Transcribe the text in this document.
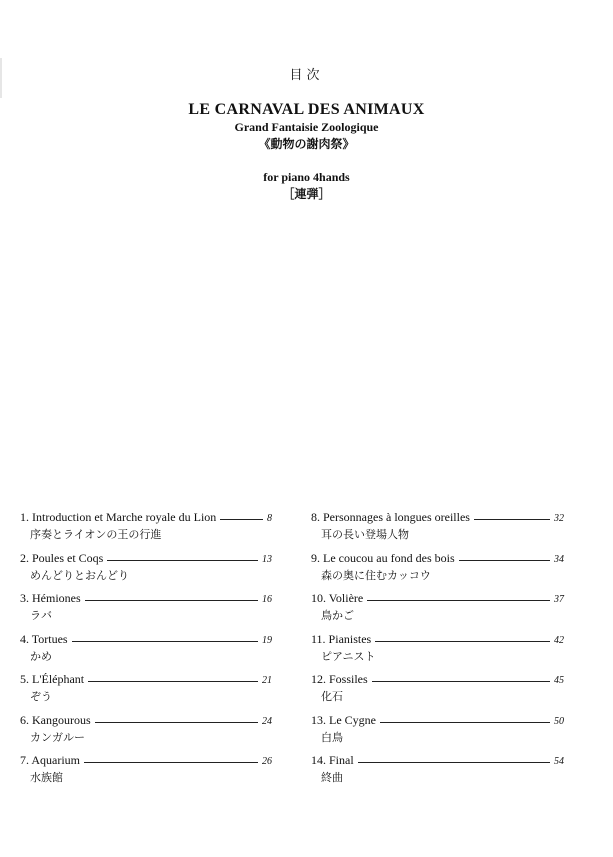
目次
LE CARNAVAL DES ANIMAUX
Grand Fantaisie Zoologique
《動物の謝肉祭》
for piano 4hands
［連弾］
1. Introduction et Marche royale du Lion	8
序奏とライオンの王の行進
2. Poules et Coqs	13
めんどりとおんどり
3. Hémiones	16
ラバ
4. Tortues	19
かめ
5. L'Éléphant	21
ぞう
6. Kangourous	24
カンガルー
7. Aquarium	26
水族館
8. Personnages à longues oreilles	32
耳の長い登場人物
9. Le coucou au fond des bois	34
森の奥に住むカッコウ
10. Volière	37
鳥かご
11. Pianistes	42
ピアニスト
12. Fossiles	45
化石
13. Le Cygne	50
白鳥
14. Final	54
終曲
